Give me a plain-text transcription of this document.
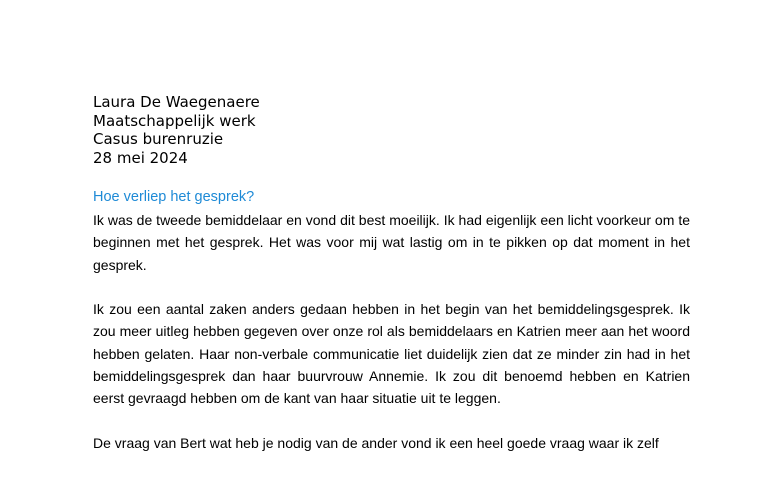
Laura De Waegenaere
Maatschappelijk werk
Casus burenruzie
28 mei 2024
Hoe verliep het gesprek?

Ik was de tweede bemiddelaar en vond dit best moeilijk. Ik had eigenlijk een licht voorkeur om te beginnen met het gesprek. Het was voor mij wat lastig om in te pikken op dat moment in het gesprek.

Ik zou een aantal zaken anders gedaan hebben in het begin van het bemiddelingsgesprek. Ik zou meer uitleg hebben gegeven over onze rol als bemiddelaars en Katrien meer aan het woord hebben gelaten. Haar non-verbale communicatie liet duidelijk zien dat ze minder zin had in het bemiddelingsgesprek dan haar buurvrouw Annemie. Ik zou dit benoemd hebben en Katrien eerst gevraagd hebben om de kant van haar situatie uit te leggen.

De vraag van Bert wat heb je nodig van de ander vond ik een heel goede vraag waar ik zelf
